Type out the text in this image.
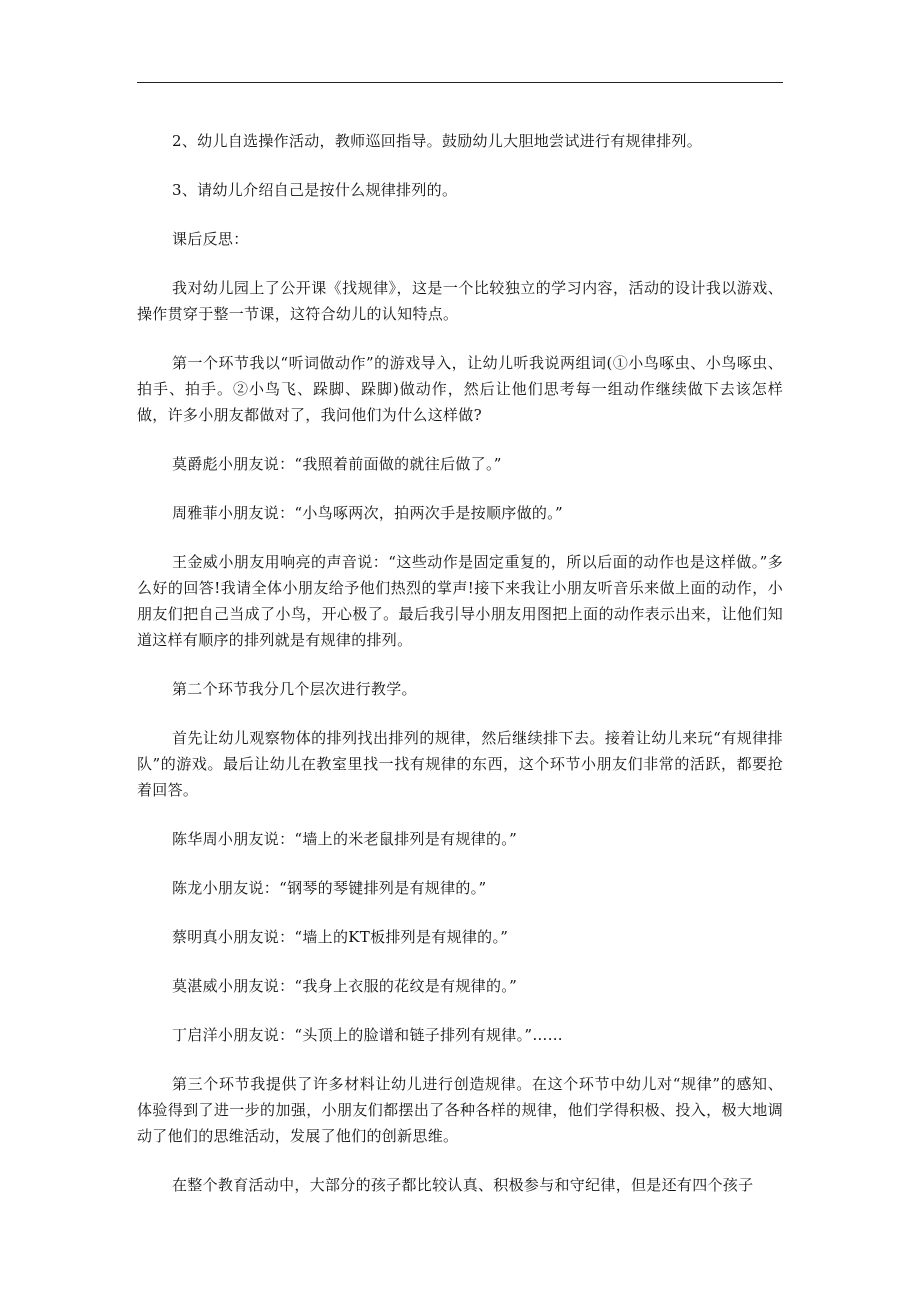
2、幼儿自选操作活动，教师巡回指导。鼓励幼儿大胆地尝试进行有规律排列。

3、请幼儿介绍自己是按什么规律排列的。

课后反思：

我对幼儿园上了公开课《找规律》，这是一个比较独立的学习内容，活动的设计我以游戏、操作贯穿于整一节课，这符合幼儿的认知特点。

第一个环节我以“听词做动作”的游戏导入，让幼儿听我说两组词(①小鸟啄虫、小鸟啄虫、拍手、拍手。②小鸟飞、跺脚、跺脚)做动作，然后让他们思考每一组动作继续做下去该怎样做，许多小朋友都做对了，我问他们为什么这样做?

莫爵彪小朋友说：“我照着前面做的就往后做了。”

周雅菲小朋友说：“小鸟啄两次，拍两次手是按顺序做的。”

王金威小朋友用响亮的声音说：“这些动作是固定重复的，所以后面的动作也是这样做。”多么好的回答!我请全体小朋友给予他们热烈的掌声!接下来我让小朋友听音乐来做上面的动作，小朋友们把自己当成了小鸟，开心极了。最后我引导小朋友用图把上面的动作表示出来，让他们知道这样有顺序的排列就是有规律的排列。

第二个环节我分几个层次进行教学。

首先让幼儿观察物体的排列找出排列的规律，然后继续排下去。接着让幼儿来玩“有规律排队”的游戏。最后让幼儿在教室里找一找有规律的东西，这个环节小朋友们非常的活跃，都要抢着回答。

陈华周小朋友说：“墙上的米老鼠排列是有规律的。”

陈龙小朋友说：“钢琴的琴键排列是有规律的。”

蔡明真小朋友说：“墙上的KT板排列是有规律的。”

莫湛威小朋友说：“我身上衣服的花纹是有规律的。”

丁启洋小朋友说：“头顶上的脸谱和链子排列有规律。”……

第三个环节我提供了许多材料让幼儿进行创造规律。在这个环节中幼儿对“规律”的感知、体验得到了进一步的加强，小朋友们都摆出了各种各样的规律，他们学得积极、投入，极大地调动了他们的思维活动，发展了他们的创新思维。

在整个教育活动中，大部分的孩子都比较认真、积极参与和守纪律，但是还有四个孩子
